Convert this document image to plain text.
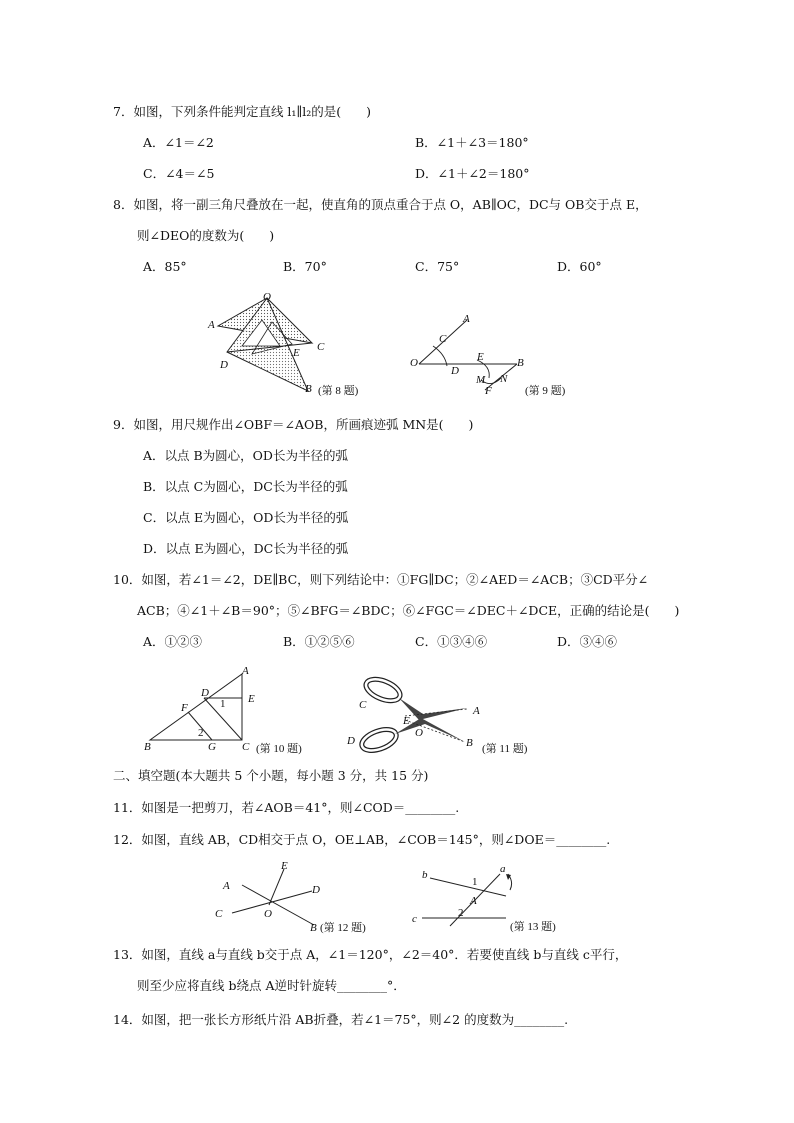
7．如图，下列条件能判定直线 l₁∥l₂的是(　　)
A．∠1＝∠2	B．∠1＋∠3＝180°
C．∠4＝∠5	D．∠1＋∠2＝180°
8．如图，将一副三角尺叠放在一起，使直角的顶点重合于点 O，AB∥OC，DC与 OB交于点 E，
则∠DEO的度数为(　　)
A．85°	B．70°	C．75°	D．60°
O
A
C
D
E
B (第 8 题)
A
C
O
D
E	B
M N
F	(第 9 题)
9．如图，用尺规作出∠OBF＝∠AOB，所画痕迹弧 MN是(　　)
A．以点 B为圆心，OD长为半径的弧
B．以点 C为圆心，DC长为半径的弧
C．以点 E为圆心，OD长为半径的弧
D．以点 E为圆心，DC长为半径的弧
10．如图，若∠1＝∠2，DE∥BC，则下列结论中：①FG∥DC；②∠AED＝∠ACB；③CD平分∠
ACB；④∠1＋∠B＝90°；⑤∠BFG＝∠BDC；⑥∠FGC＝∠DEC＋∠DCE，正确的结论是(　　)
A．①②③	B．①②⑤⑥	C．①③④⑥	D．③④⑥
A
D	E
F	1
2
B	G C (第 10 题)
C
E
A
O
D	B (第 11 题)
二、填空题(本大题共 5 个小题，每小题 3 分，共 15 分)
11．如图是一把剪刀，若∠AOB＝41°，则∠COD＝________.
12．如图，直线 AB，CD相交于点 O，OE⊥AB，∠COB＝145°，则∠DOE＝________.
E
A	D
C	O
B (第 12 题)
b	a
1
A
c	2
(第 13 题)
13．如图，直线 a与直线 b交于点 A，∠1＝120°，∠2＝40°．若要使直线 b与直线 c平行，
则至少应将直线 b绕点 A逆时针旋转________°．
14．如图，把一张长方形纸片沿 AB折叠，若∠1＝75°，则∠2 的度数为________.
